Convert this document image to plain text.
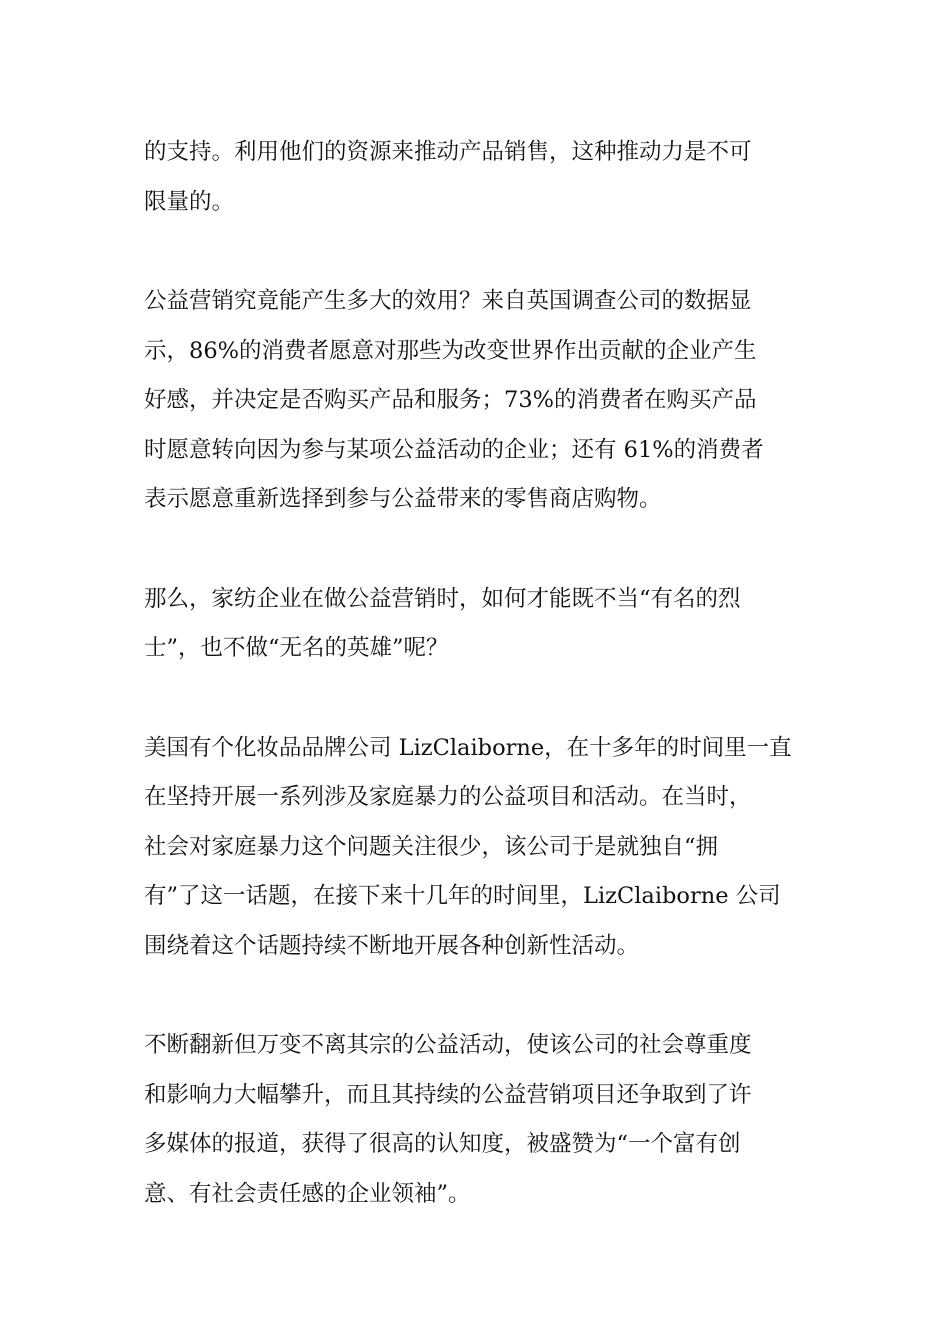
的支持。利用他们的资源来推动产品销售，这种推动力是不可
限量的。

公益营销究竟能产生多大的效用？来自英国调查公司的数据显
示，86%的消费者愿意对那些为改变世界作出贡献的企业产生
好感，并决定是否购买产品和服务；73%的消费者在购买产品
时愿意转向因为参与某项公益活动的企业；还有 61%的消费者
表示愿意重新选择到参与公益带来的零售商店购物。

那么，家纺企业在做公益营销时，如何才能既不当“有名的烈
士”，也不做“无名的英雄”呢？

美国有个化妆品品牌公司 LizClaiborne，在十多年的时间里一直
在坚持开展一系列涉及家庭暴力的公益项目和活动。在当时，
社会对家庭暴力这个问题关注很少，该公司于是就独自“拥
有”了这一话题，在接下来十几年的时间里，LizClaiborne 公司
围绕着这个话题持续不断地开展各种创新性活动。

不断翻新但万变不离其宗的公益活动，使该公司的社会尊重度
和影响力大幅攀升，而且其持续的公益营销项目还争取到了许
多媒体的报道，获得了很高的认知度，被盛赞为“一个富有创
意、有社会责任感的企业领袖”。
